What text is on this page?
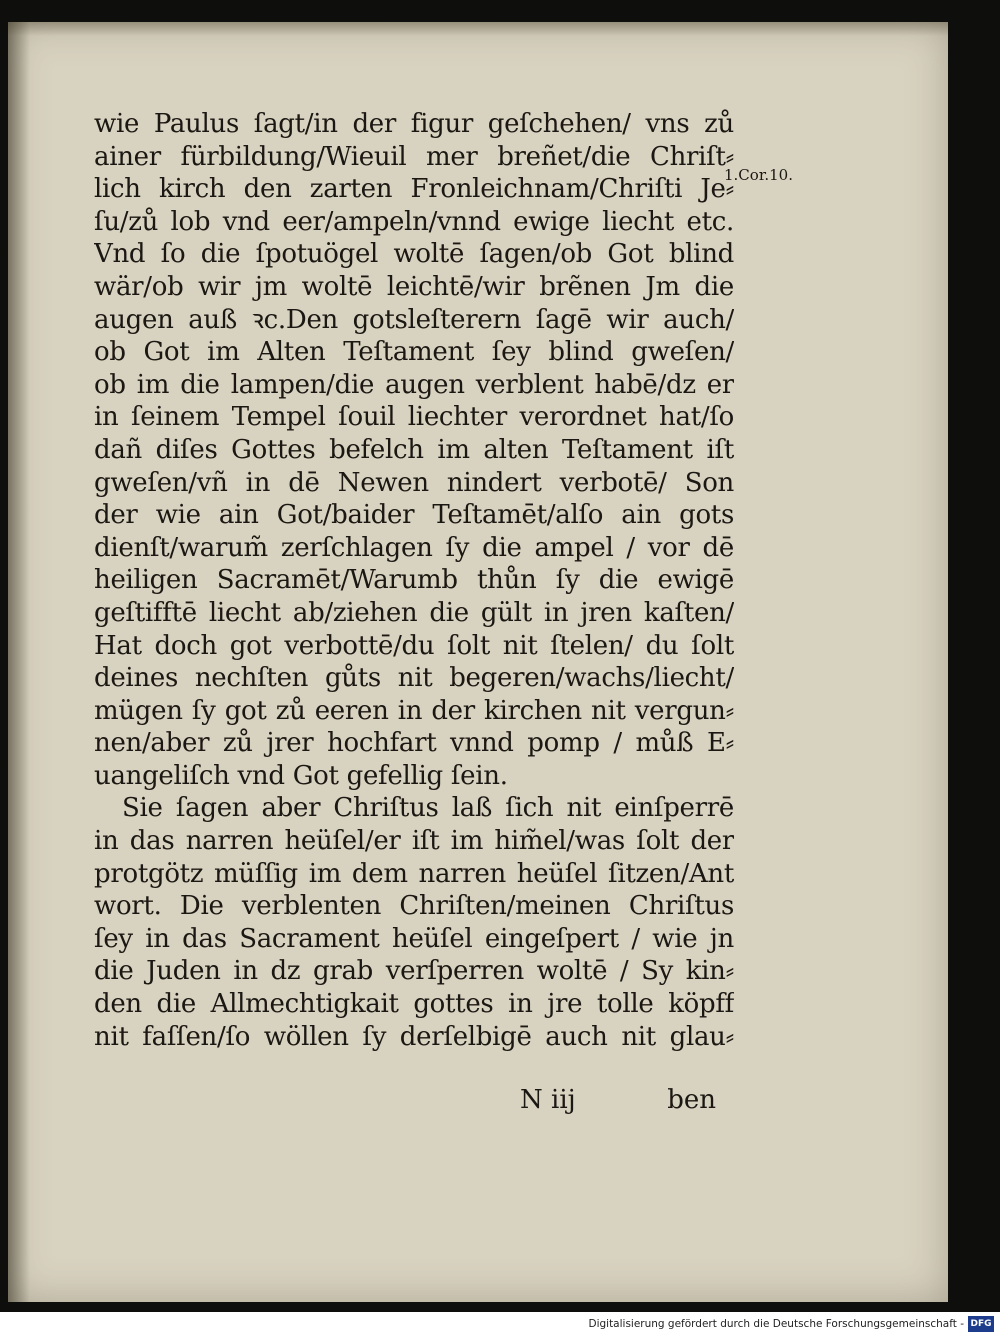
1.Cor.10.
wie Paulus ſagt/in der figur geſchehen/ vns zů
ainer fürbildung/Wieuil mer breñet/die Chriſt⸗
lich kirch den zarten Fronleichnam/Chriſti Je⸗
ſu/zů lob vnd eer/ampeln/vnnd ewige liecht etc.
Vnd ſo die ſpotuögel woltē ſagen/ob Got blind
wär/ob wir jm woltē leichtē/wir brẽnen Jm die
augen auß ꝛc.Den gotsleſterern ſagē wir auch/
ob Got im Alten Teſtament ſey blind gweſen/
ob im die lampen/die augen verblent habē/dz er
in ſeinem Tempel ſouil liechter verordnet hat/ſo
dañ diſes Gottes befelch im alten Teſtament iſt
gweſen/vñ in dē Newen nindert verbotē/ Son
der wie ain Got/baider Teſtamēt/alſo ain gots
dienſt/warum̃ zerſchlagen ſy die ampel / vor dē
heiligen Sacramēt/Warumb thůn ſy die ewigē
geſtifftē liecht ab/ziehen die gült in jren kaſten/
Hat doch got verbottē/du ſolt nit ſtelen/ du ſolt
deines nechſten gůts nit begeren/wachs/liecht/
mügen ſy got zů eeren in der kirchen nit vergun⸗
nen/aber zů jrer hochfart vnnd pomp / můß E⸗
uangeliſch vnd Got gefellig ſein.
Sie ſagen aber Chriſtus laß ſich nit einſperrē
in das narren heüſel/er iſt im him̃el/was ſolt der
protgötz müſſig im dem narren heüſel ſitzen/Ant
wort. Die verblenten Chriſten/meinen Chriſtus
ſey in das Sacrament heüſel eingeſpert / wie jn
die Juden in dz grab verſperren woltē / Sy kin⸗
den die Allmechtigkait gottes in jre tolle köpff
nit faſſen/ſo wöllen ſy derſelbigē auch nit glau⸗
N iij	ben
Digitalisierung gefördert durch die Deutsche Forschungsgemeinschaft - DFG
